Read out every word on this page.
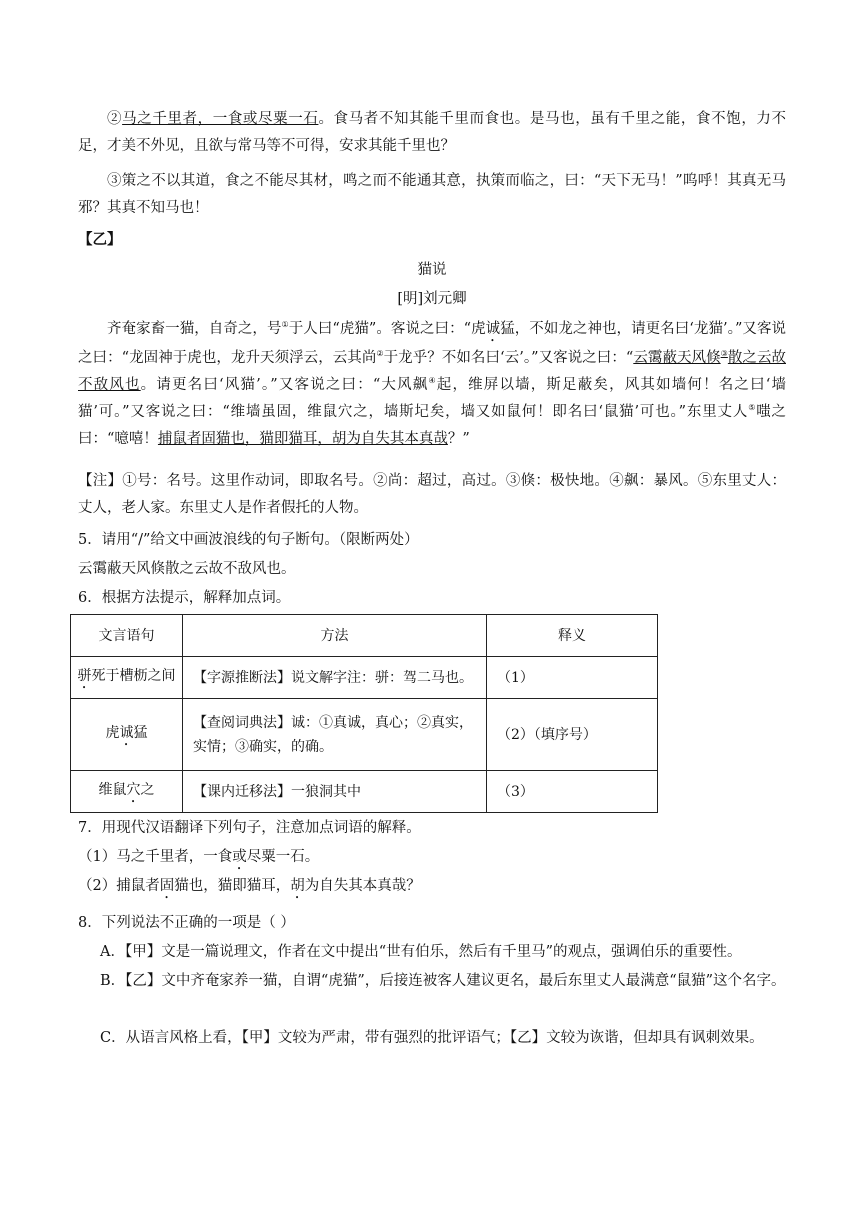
②马之千里者，一食或尽粟一石。食马者不知其能千里而食也。是马也，虽有千里之能，食不饱，力不足，才美不外见，且欲与常马等不可得，安求其能千里也？
③策之不以其道，食之不能尽其材，鸣之而不能通其意，执策而临之，曰：“天下无马！”呜呼！其真无马邪？其真不知马也！
【乙】
猫说
[明]刘元卿
齐奄家畜一猫，自奇之，号①于人曰“虎猫”。客说之曰：“虎诚猛，不如龙之神也，请更名曰‘龙猫’。”又客说之曰：“龙固神于虎也，龙升天须浮云，云其尚②于龙乎？不如名曰‘云’。”又客说之曰：“云霭蔽天风倏③散之云故不敌风也。请更名曰‘风猫’。”又客说之曰：“大风飙④起，维屏以墙，斯足蔽矣，风其如墙何！名之曰‘墙猫’可。”又客说之曰：“维墙虽固，维鼠穴之，墙斯圮矣，墙又如鼠何！即名曰‘鼠猫’可也。”东里丈人⑤嗤之曰：“噫嘻！捕鼠者固猫也，猫即猫耳，胡为自失其本真哉？”
【注】①号：名号。这里作动词，即取名号。②尚：超过，高过。③倏：极快地。④飙：暴风。⑤东里丈人：丈人，老人家。东里丈人是作者假托的人物。
5．请用“/”给文中画波浪线的句子断句。（限断两处）
云霭蔽天风倏散之云故不敌风也。
6．根据方法提示，解释加点词。
文言语句	方法	释义
骈死于槽枥之间	【字源推断法】说文解字注：骈：驾二马也。	（1）
虎诚猛	【查阅词典法】诚：①真诚，真心；②真实，实情；③确实，的确。	（2）（填序号）
维鼠穴之	【课内迁移法】一狼洞其中	（3）
7．用现代汉语翻译下列句子，注意加点词语的解释。
（1）马之千里者，一食或尽粟一石。
（2）捕鼠者固猫也，猫即猫耳，胡为自失其本真哉？
8．下列说法不正确的一项是（ ）
A．【甲】文是一篇说理文，作者在文中提出“世有伯乐，然后有千里马”的观点，强调伯乐的重要性。
B．【乙】文中齐奄家养一猫，自谓“虎猫”，后接连被客人建议更名，最后东里丈人最满意“鼠猫”这个名字。
C．从语言风格上看，【甲】文较为严肃，带有强烈的批评语气；【乙】文较为诙谐，但却具有讽刺效果。
